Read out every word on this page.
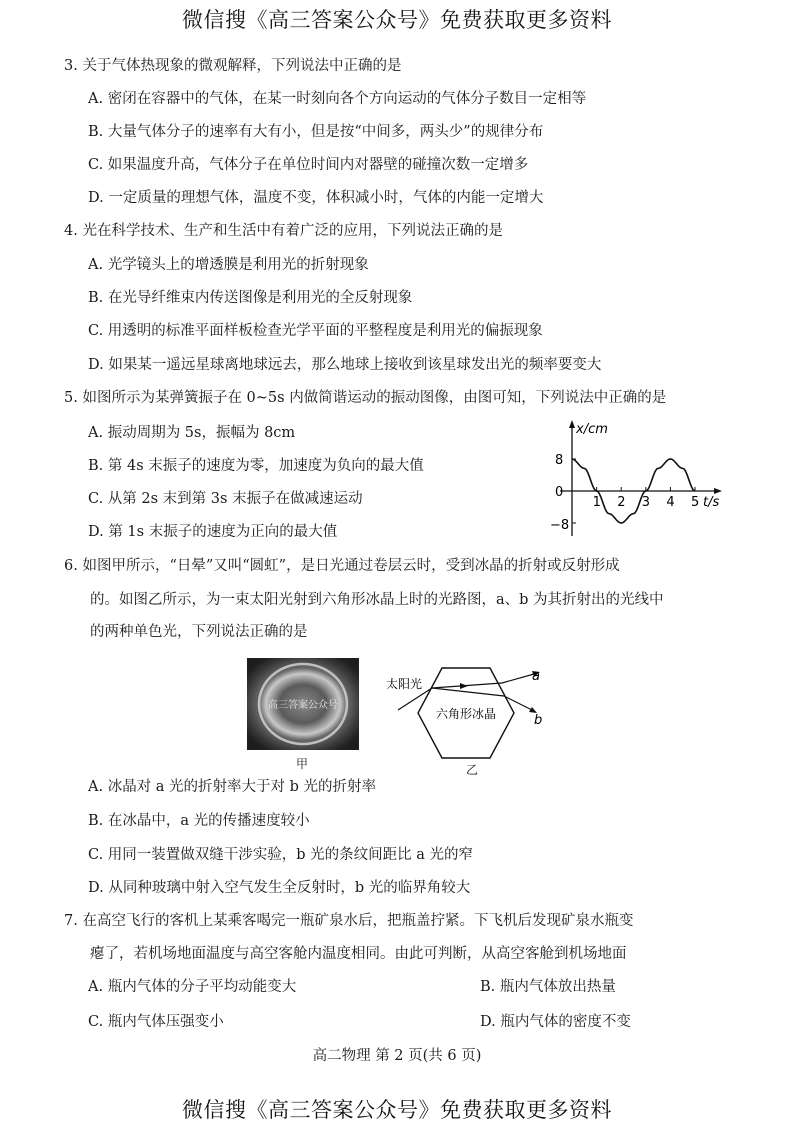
微信搜《高三答案公众号》免费获取更多资料
3. 关于气体热现象的微观解释，下列说法中正确的是
A. 密闭在容器中的气体，在某一时刻向各个方向运动的气体分子数目一定相等
B. 大量气体分子的速率有大有小，但是按“中间多，两头少”的规律分布
C. 如果温度升高，气体分子在单位时间内对器壁的碰撞次数一定增多
D. 一定质量的理想气体，温度不变，体积减小时，气体的内能一定增大
4. 光在科学技术、生产和生活中有着广泛的应用，下列说法正确的是
A. 光学镜头上的增透膜是利用光的折射现象
B. 在光导纤维束内传送图像是利用光的全反射现象
C. 用透明的标准平面样板检查光学平面的平整程度是利用光的偏振现象
D. 如果某一遥远星球离地球远去，那么地球上接收到该星球发出光的频率要变大
5. 如图所示为某弹簧振子在 0~5s 内做简谐运动的振动图像，由图可知，下列说法中正确的是
A. 振动周期为 5s，振幅为 8cm
B. 第 4s 末振子的速度为零，加速度为负向的最大值
C. 从第 2s 末到第 3s 末振子在做减速运动
D. 第 1s 末振子的速度为正向的最大值
x/cm
t/s
8
0
−8
1 2 3 4 5
6. 如图甲所示，“日晕”又叫“圆虹”，是日光通过卷层云时，受到冰晶的折射或反射形成
的。如图乙所示，为一束太阳光射到六角形冰晶上时的光路图，a、b 为其折射出的光线中
的两种单色光，下列说法正确的是
高三答案公众号
甲
太阳光
六角形冰晶
a
b
乙
A. 冰晶对 a 光的折射率大于对 b 光的折射率
B. 在冰晶中，a 光的传播速度较小
C. 用同一装置做双缝干涉实验，b 光的条纹间距比 a 光的窄
D. 从同种玻璃中射入空气发生全反射时，b 光的临界角较大
7. 在高空飞行的客机上某乘客喝完一瓶矿泉水后，把瓶盖拧紧。下飞机后发现矿泉水瓶变
瘪了，若机场地面温度与高空客舱内温度相同。由此可判断，从高空客舱到机场地面
A. 瓶内气体的分子平均动能变大	B. 瓶内气体放出热量
C. 瓶内气体压强变小	D. 瓶内气体的密度不变
高二物理 第 2 页(共 6 页)
微信搜《高三答案公众号》免费获取更多资料
